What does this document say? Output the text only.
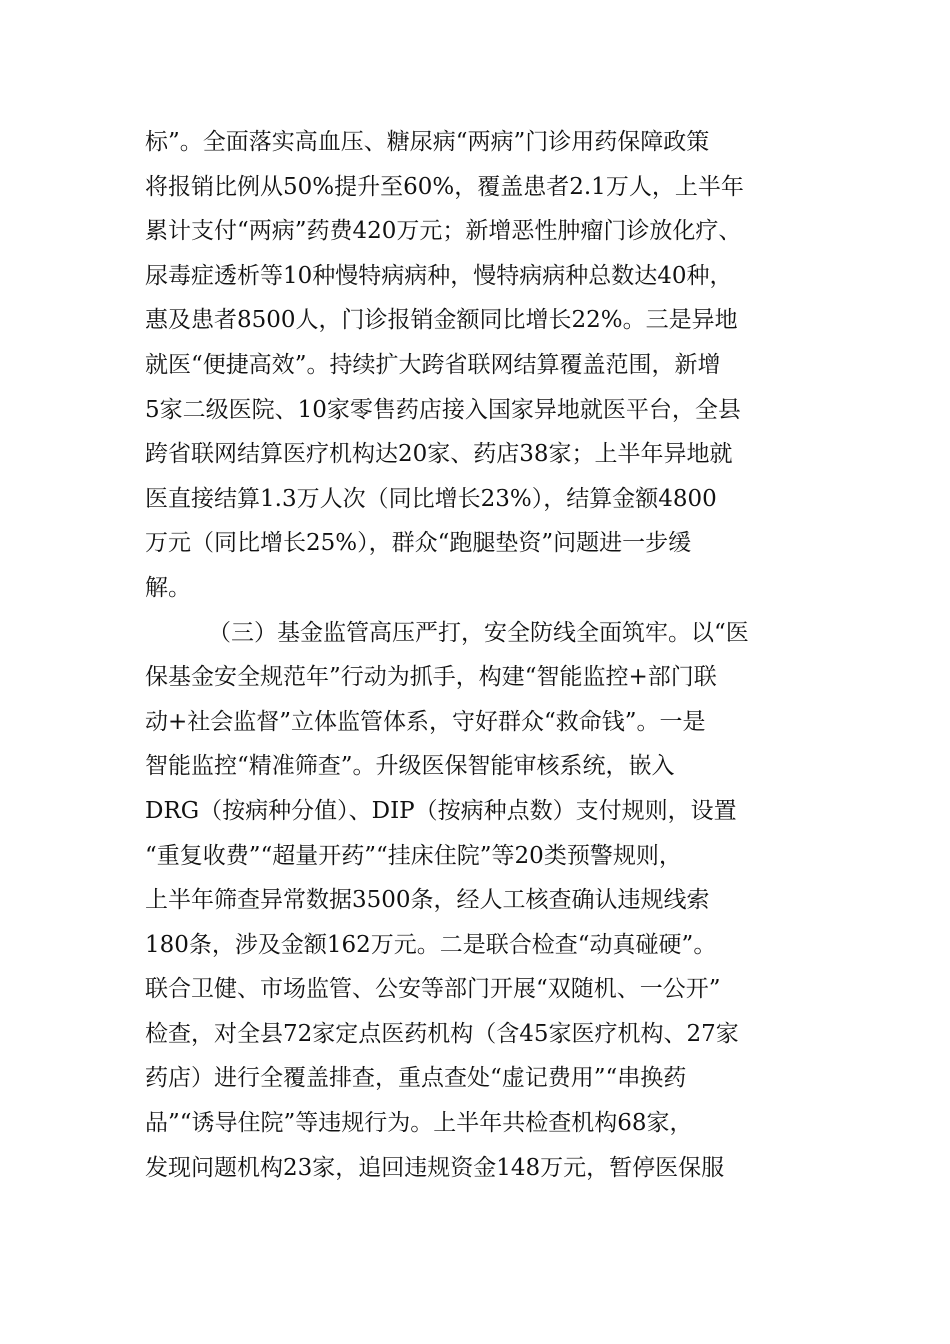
标”。全面落实高血压、糖尿病“两病”门诊用药保障政策
将报销比例从50%提升至60%，覆盖患者2.1万人，上半年
累计支付“两病”药费420万元；新增恶性肿瘤门诊放化疗、
尿毒症透析等10种慢特病病种，慢特病病种总数达40种，
惠及患者8500人，门诊报销金额同比增长22%。三是异地
就医“便捷高效”。持续扩大跨省联网结算覆盖范围，新增
5家二级医院、10家零售药店接入国家异地就医平台，全县
跨省联网结算医疗机构达20家、药店38家；上半年异地就
医直接结算1.3万人次（同比增长23%），结算金额4800
万元（同比增长25%），群众“跑腿垫资”问题进一步缓
解。
（三）基金监管高压严打，安全防线全面筑牢。以“医
保基金安全规范年”行动为抓手，构建“智能监控+部门联
动+社会监督”立体监管体系，守好群众“救命钱”。一是
智能监控“精准筛查”。升级医保智能审核系统，嵌入
DRG（按病种分值）、DIP（按病种点数）支付规则，设置
“重复收费”“超量开药”“挂床住院”等20类预警规则，
上半年筛查异常数据3500条，经人工核查确认违规线索
180条，涉及金额162万元。二是联合检查“动真碰硬”。
联合卫健、市场监管、公安等部门开展“双随机、一公开”
检查，对全县72家定点医药机构（含45家医疗机构、27家
药店）进行全覆盖排查，重点查处“虚记费用”“串换药
品”“诱导住院”等违规行为。上半年共检查机构68家，
发现问题机构23家，追回违规资金148万元，暂停医保服
